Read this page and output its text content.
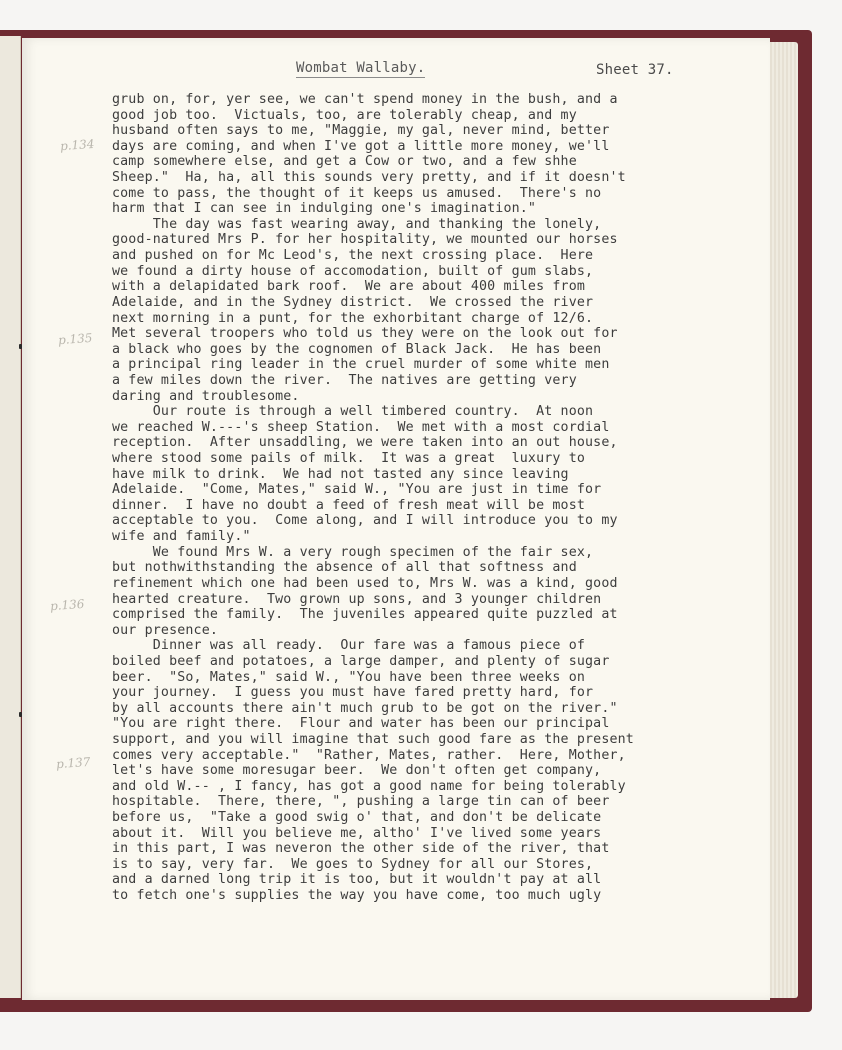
Wombat Wallaby.	Sheet 37.
p.134
p.135
p.136
p.137
grub on, for, yer see, we can't spend money in the bush, and a
good job too.  Victuals, too, are tolerably cheap, and my
husband often says to me, "Maggie, my gal, never mind, better
days are coming, and when I've got a little more money, we'll
camp somewhere else, and get a Cow or two, and a few shhe
Sheep."  Ha, ha, all this sounds very pretty, and if it doesn't
come to pass, the thought of it keeps us amused.  There's no
harm that I can see in indulging one's imagination."
The day was fast wearing away, and thanking the lonely,
good-natured Mrs P. for her hospitality, we mounted our horses
and pushed on for Mc Leod's, the next crossing place.  Here
we found a dirty house of accomodation, built of gum slabs,
with a delapidated bark roof.  We are about 400 miles from
Adelaide, and in the Sydney district.  We crossed the river
next morning in a punt, for the exhorbitant charge of 12/6.
Met several troopers who told us they were on the look out for
a black who goes by the cognomen of Black Jack.  He has been
a principal ring leader in the cruel murder of some white men
a few miles down the river.  The natives are getting very
daring and troublesome.
Our route is through a well timbered country.  At noon
we reached W.---'s sheep Station.  We met with a most cordial
reception.  After unsaddling, we were taken into an out house,
where stood some pails of milk.  It was a great  luxury to
have milk to drink.  We had not tasted any since leaving
Adelaide.  "Come, Mates," said W., "You are just in time for
dinner.  I have no doubt a feed of fresh meat will be most
acceptable to you.  Come along, and I will introduce you to my
wife and family."
We found Mrs W. a very rough specimen of the fair sex,
but nothwithstanding the absence of all that softness and
refinement which one had been used to, Mrs W. was a kind, good
hearted creature.  Two grown up sons, and 3 younger children
comprised the family.  The juveniles appeared quite puzzled at
our presence.
Dinner was all ready.  Our fare was a famous piece of
boiled beef and potatoes, a large damper, and plenty of sugar
beer.  "So, Mates," said W., "You have been three weeks on
your journey.  I guess you must have fared pretty hard, for
by all accounts there ain't much grub to be got on the river."
"You are right there.  Flour and water has been our principal
support, and you will imagine that such good fare as the present
comes very acceptable."  "Rather, Mates, rather.  Here, Mother,
let's have some moresugar beer.  We don't often get company,
and old W.-- , I fancy, has got a good name for being tolerably
hospitable.  There, there, ", pushing a large tin can of beer
before us,  "Take a good swig o' that, and don't be delicate
about it.  Will you believe me, altho' I've lived some years
in this part, I was neveron the other side of the river, that
is to say, very far.  We goes to Sydney for all our Stores,
and a darned long trip it is too, but it wouldn't pay at all
to fetch one's supplies the way you have come, too much ugly
